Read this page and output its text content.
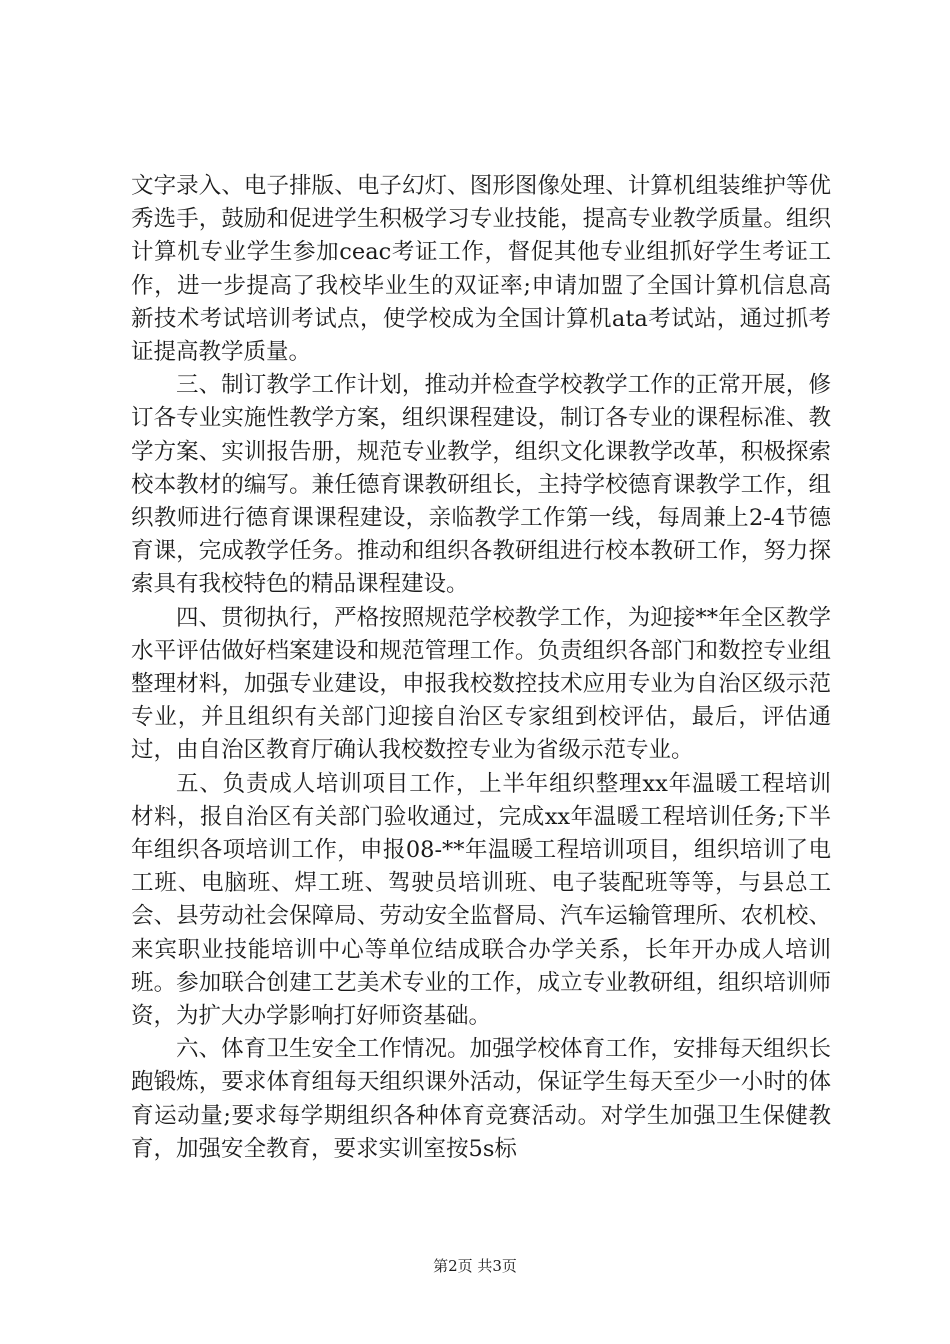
文字录入、电子排版、电子幻灯、图形图像处理、计算机组装维护等优秀选手，鼓励和促进学生积极学习专业技能，提高专业教学质量。组织计算机专业学生参加ceac考证工作，督促其他专业组抓好学生考证工作，进一步提高了我校毕业生的双证率;申请加盟了全国计算机信息高新技术考试培训考试点，使学校成为全国计算机ata考试站，通过抓考证提高教学质量。

三、制订教学工作计划，推动并检查学校教学工作的正常开展，修订各专业实施性教学方案，组织课程建设，制订各专业的课程标准、教学方案、实训报告册，规范专业教学，组织文化课教学改革，积极探索校本教材的编写。兼任德育课教研组长，主持学校德育课教学工作，组织教师进行德育课课程建设，亲临教学工作第一线，每周兼上2-4节德育课，完成教学任务。推动和组织各教研组进行校本教研工作，努力探索具有我校特色的精品课程建设。

四、贯彻执行，严格按照规范学校教学工作，为迎接**年全区教学水平评估做好档案建设和规范管理工作。负责组织各部门和数控专业组整理材料，加强专业建设，申报我校数控技术应用专业为自治区级示范专业，并且组织有关部门迎接自治区专家组到校评估，最后，评估通过，由自治区教育厅确认我校数控专业为省级示范专业。

五、负责成人培训项目工作，上半年组织整理xx年温暖工程培训材料，报自治区有关部门验收通过，完成xx年温暖工程培训任务;下半年组织各项培训工作，申报08-**年温暖工程培训项目，组织培训了电工班、电脑班、焊工班、驾驶员培训班、电子装配班等等，与县总工会、县劳动社会保障局、劳动安全监督局、汽车运输管理所、农机校、来宾职业技能培训中心等单位结成联合办学关系，长年开办成人培训班。参加联合创建工艺美术专业的工作，成立专业教研组，组织培训师资，为扩大办学影响打好师资基础。

六、体育卫生安全工作情况。加强学校体育工作，安排每天组织长跑锻炼，要求体育组每天组织课外活动，保证学生每天至少一小时的体育运动量;要求每学期组织各种体育竞赛活动。对学生加强卫生保健教育，加强安全教育，要求实训室按5s标

第2页 共3页
